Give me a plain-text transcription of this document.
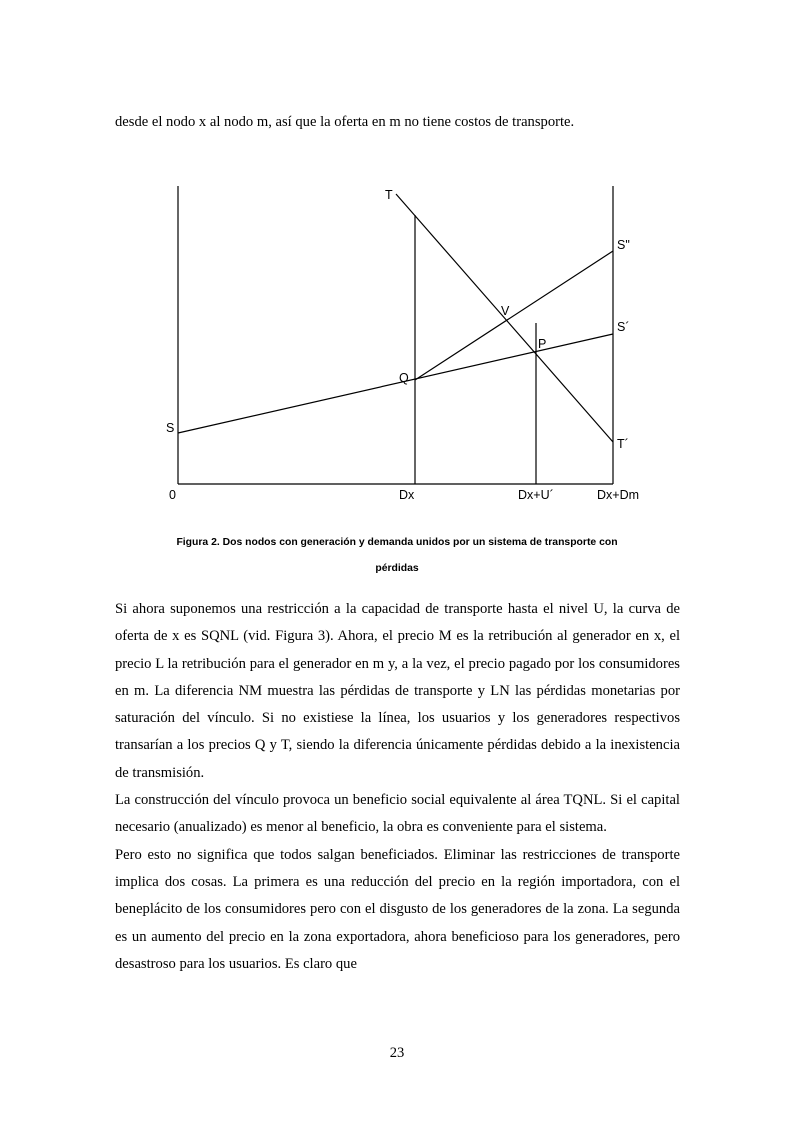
desde el nodo x al nodo m, así que la oferta en m no tiene costos de transporte.
T
S"
V
S´
P
Q
S
T´
0	Dx	Dx+U´	Dx+Dm
Figura 2. Dos nodos con generación y demanda unidos por un sistema de transporte con
pérdidas

Si ahora suponemos una restricción a la capacidad de transporte hasta el nivel U, la curva de oferta de x es SQNL (vid. Figura 3). Ahora, el precio M es la retribución al generador en x, el precio L la retribución para el generador en m y, a la vez, el precio pagado por los consumidores en m. La diferencia NM muestra las pérdidas de transporte y LN las pérdidas monetarias por saturación del vínculo. Si no existiese la línea, los usuarios y los generadores respectivos transarían a los precios Q y T, siendo la diferencia únicamente pérdidas debido a la inexistencia de transmisión.

La construcción del vínculo provoca un beneficio social equivalente al área TQNL. Si el capital necesario (anualizado) es menor al beneficio, la obra es conveniente para el sistema.

Pero esto no significa que todos salgan beneficiados. Eliminar las restricciones de transporte implica dos cosas. La primera es una reducción del precio en la región importadora, con el beneplácito de los consumidores pero con el disgusto de los generadores de la zona. La segunda es un aumento del precio en la zona exportadora, ahora beneficioso para los generadores, pero desastroso para los usuarios. Es claro que

23
